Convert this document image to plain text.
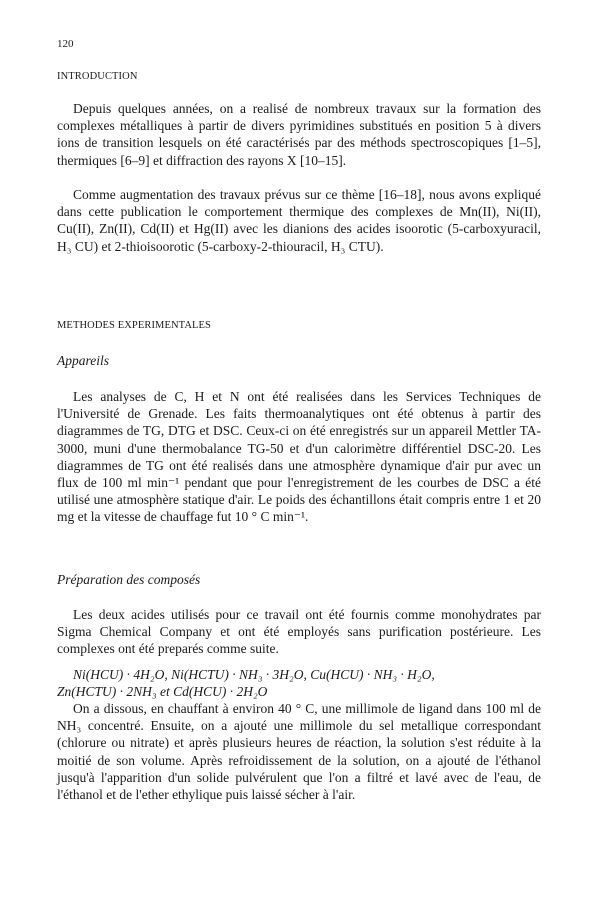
120
INTRODUCTION

Depuis quelques années, on a realisé de nombreux travaux sur la formation des complexes métalliques à partir de divers pyrimidines substitués en position 5 à divers ions de transition lesquels on été caractérisés par des méthods spectroscopiques [1–5], thermiques [6–9] et diffraction des rayons X [10–15].

Comme augmentation des travaux prévus sur ce thème [16–18], nous avons expliqué dans cette publication le comportement thermique des complexes de Mn(II), Ni(II), Cu(II), Zn(II), Cd(II) et Hg(II) avec les dianions des acides isoorotic (5-carboxyuracil, H₃ CU) et 2-thioisoorotic (5-carboxy-2-thiouracil, H₃ CTU).

METHODES EXPERIMENTALES
Appareils

Les analyses de C, H et N ont été realisées dans les Services Techniques de l'Université de Grenade. Les faits thermoanalytiques ont été obtenus à partir des diagrammes de TG, DTG et DSC. Ceux-ci on été enregistrés sur un appareil Mettler TA-3000, muni d'une thermobalance TG-50 et d'un calorimètre différentiel DSC-20. Les diagrammes de TG ont été realisés dans une atmosphère dynamique d'air pur avec un flux de 100 ml min⁻¹ pendant que pour l'enregistrement de les courbes de DSC a été utilisé une atmosphère statique d'air. Le poids des échantillons était compris entre 1 et 20 mg et la vitesse de chauffage fut 10 ° C min⁻¹.

Préparation des composés

Les deux acides utilisés pour ce travail ont été fournis comme monohydrates par Sigma Chemical Company et ont été employés sans purification postérieure. Les complexes ont été preparés comme suite.

Ni(HCU) · 4H₂O, Ni(HCTU) · NH₃ · 3H₂O, Cu(HCU) · NH₃ · H₂O,

Zn(HCTU) · 2NH₃ et Cd(HCU) · 2H₂O

On a dissous, en chauffant à environ 40 ° C, une millimole de ligand dans 100 ml de NH₃ concentré. Ensuite, on a ajouté une millimole du sel metallique correspondant (chlorure ou nitrate) et après plusieurs heures de réaction, la solution s'est réduite à la moitié de son volume. Après refroidissement de la solution, on a ajouté de l'éthanol jusqu'à l'apparition d'un solide pulvérulent que l'on a filtré et lavé avec de l'eau, de l'éthanol et de l'ether ethylique puis laissé sécher à l'air.
